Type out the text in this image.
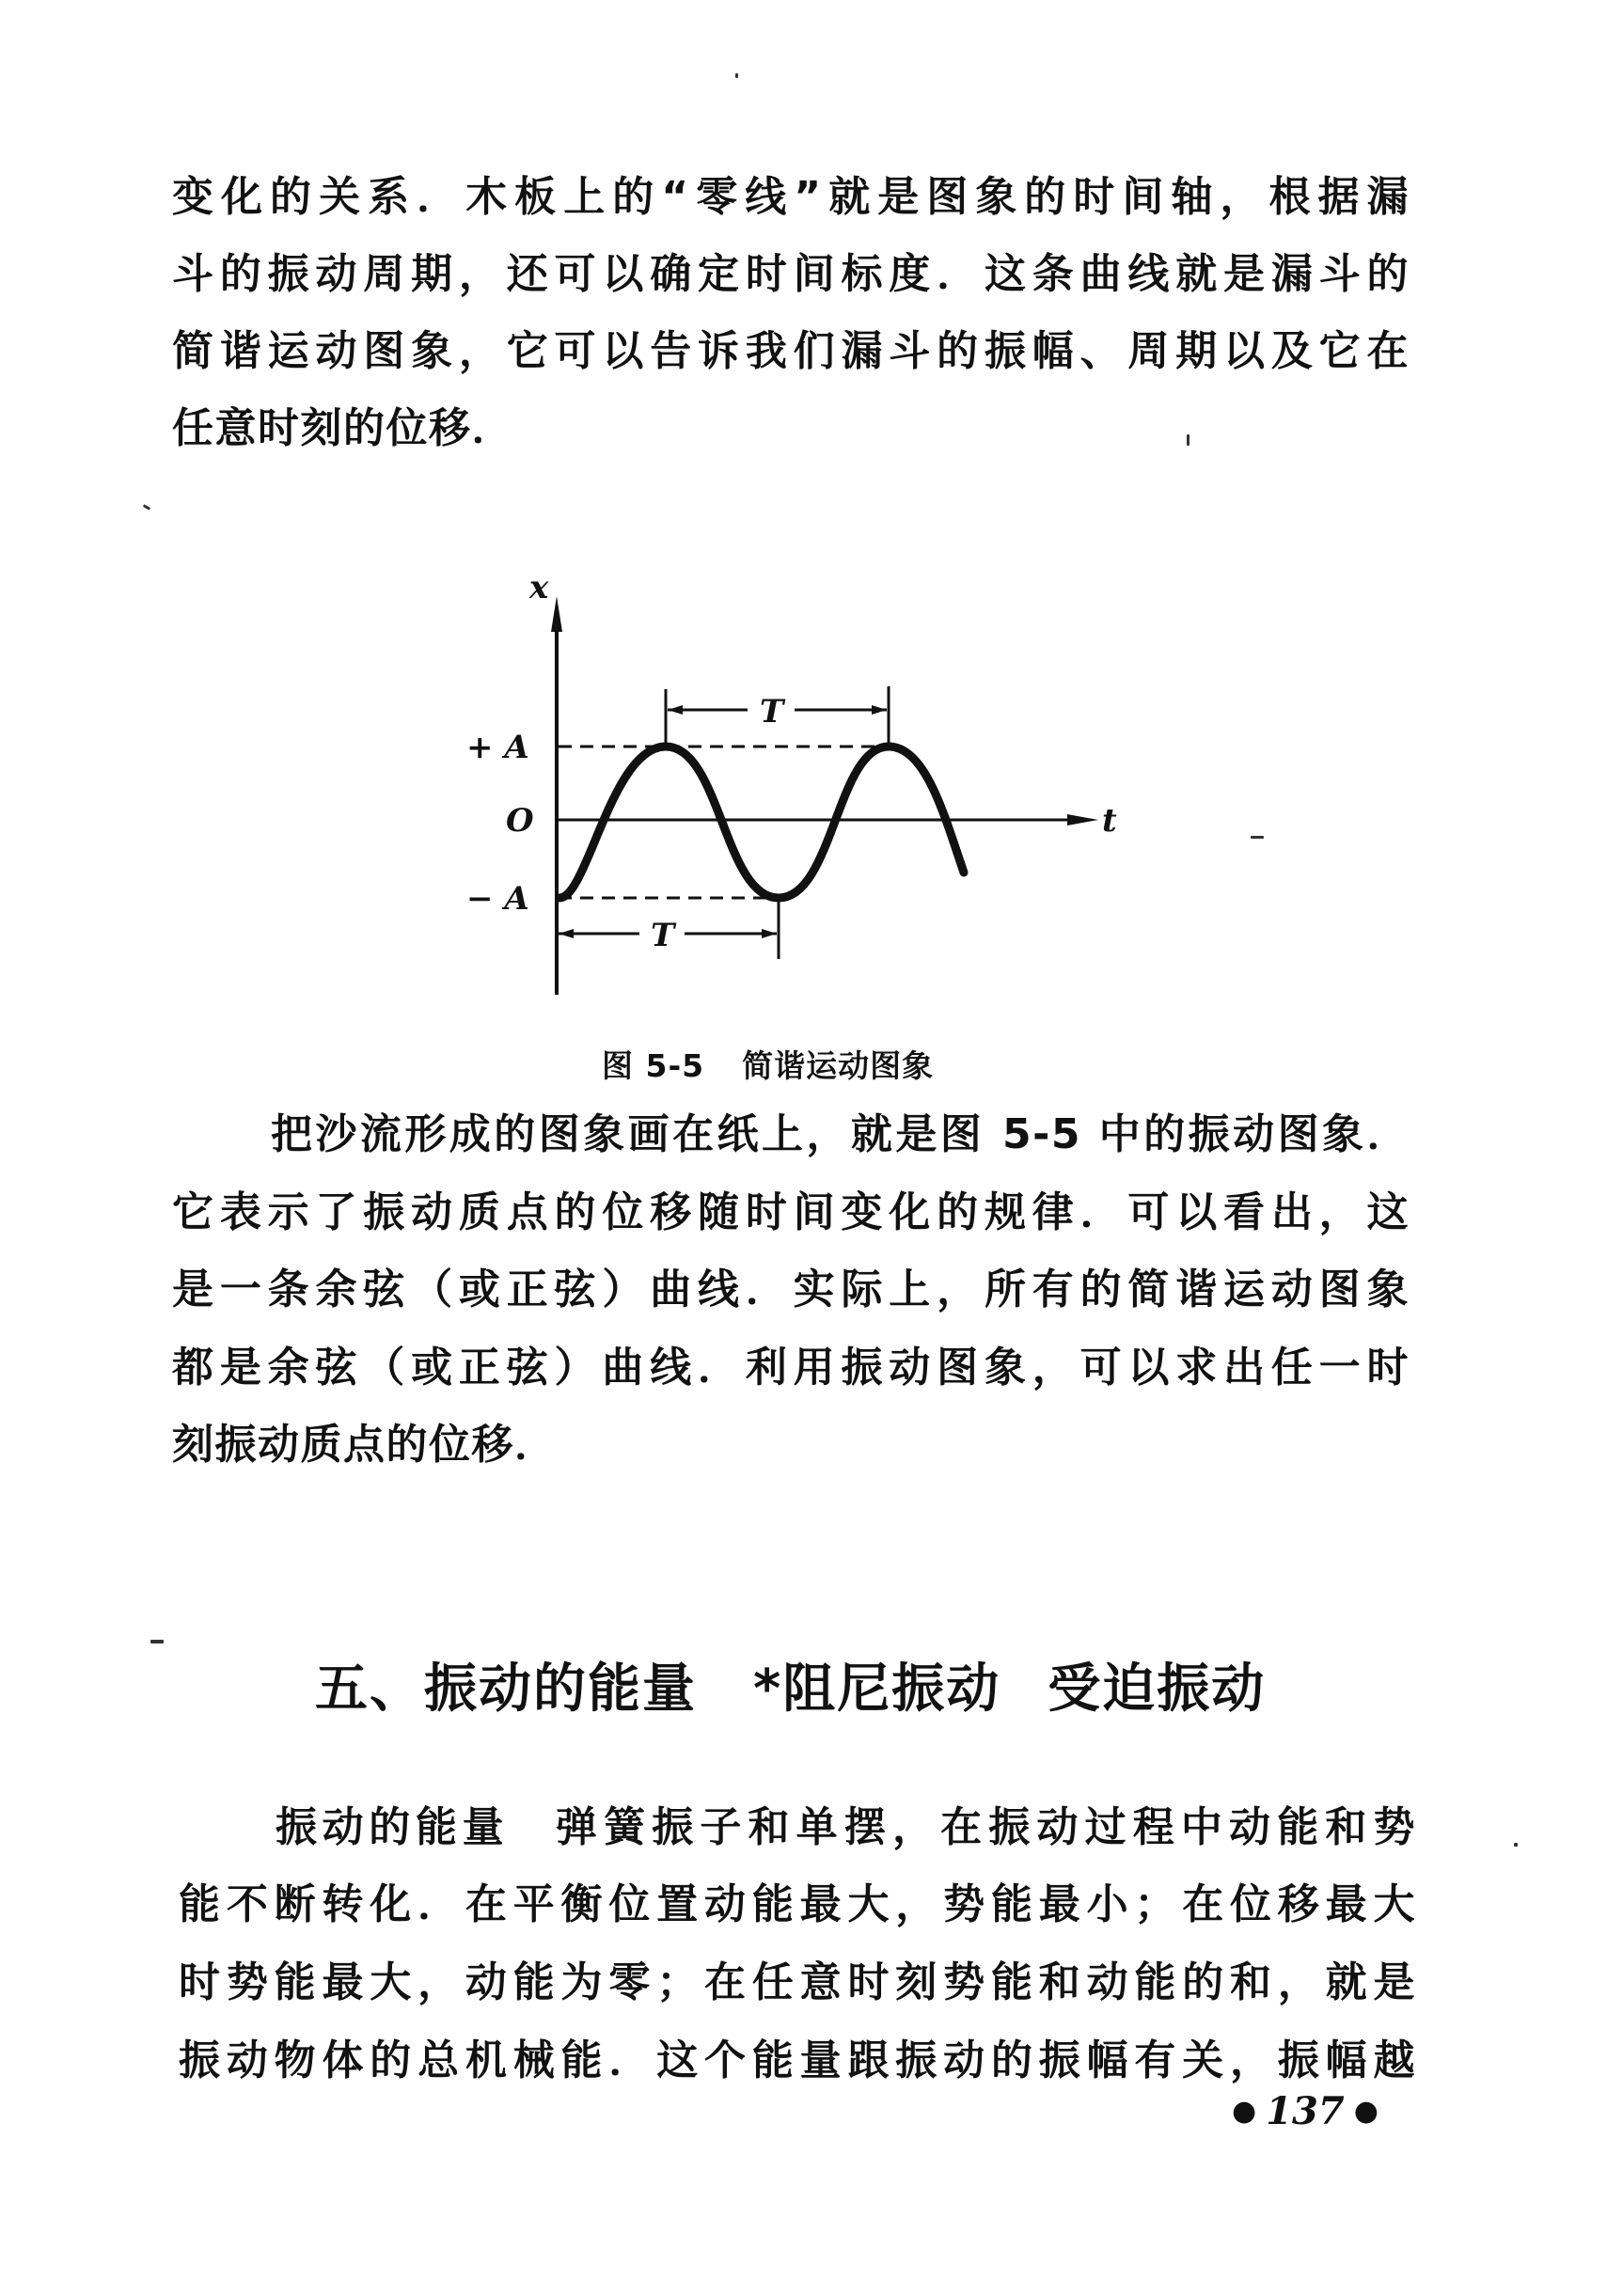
变化的关系．木板上的“零线”就是图象的时间轴，根据漏
斗的振动周期，还可以确定时间标度．这条曲线就是漏斗的
简谐运动图象，它可以告诉我们漏斗的振幅、周期以及它在
任意时刻的位移．
x
t
O
+ A
− A
T
T
图 5-5 简谐运动图象
把沙流形成的图象画在纸上，就是图 5-5 中的振动图象．
它表示了振动质点的位移随时间变化的规律．可以看出，这
是一条余弦（或正弦）曲线．实际上，所有的简谐运动图象
都是余弦（或正弦）曲线．利用振动图象，可以求出任一时
刻振动质点的位移．
五、振动的能量 *阻尼振动 受迫振动
振动的能量 弹簧振子和单摆，在振动过程中动能和势
能不断转化．在平衡位置动能最大，势能最小；在位移最大
时势能最大，动能为零；在任意时刻势能和动能的和，就是
振动物体的总机械能．这个能量跟振动的振幅有关，振幅越
● 137 ●
